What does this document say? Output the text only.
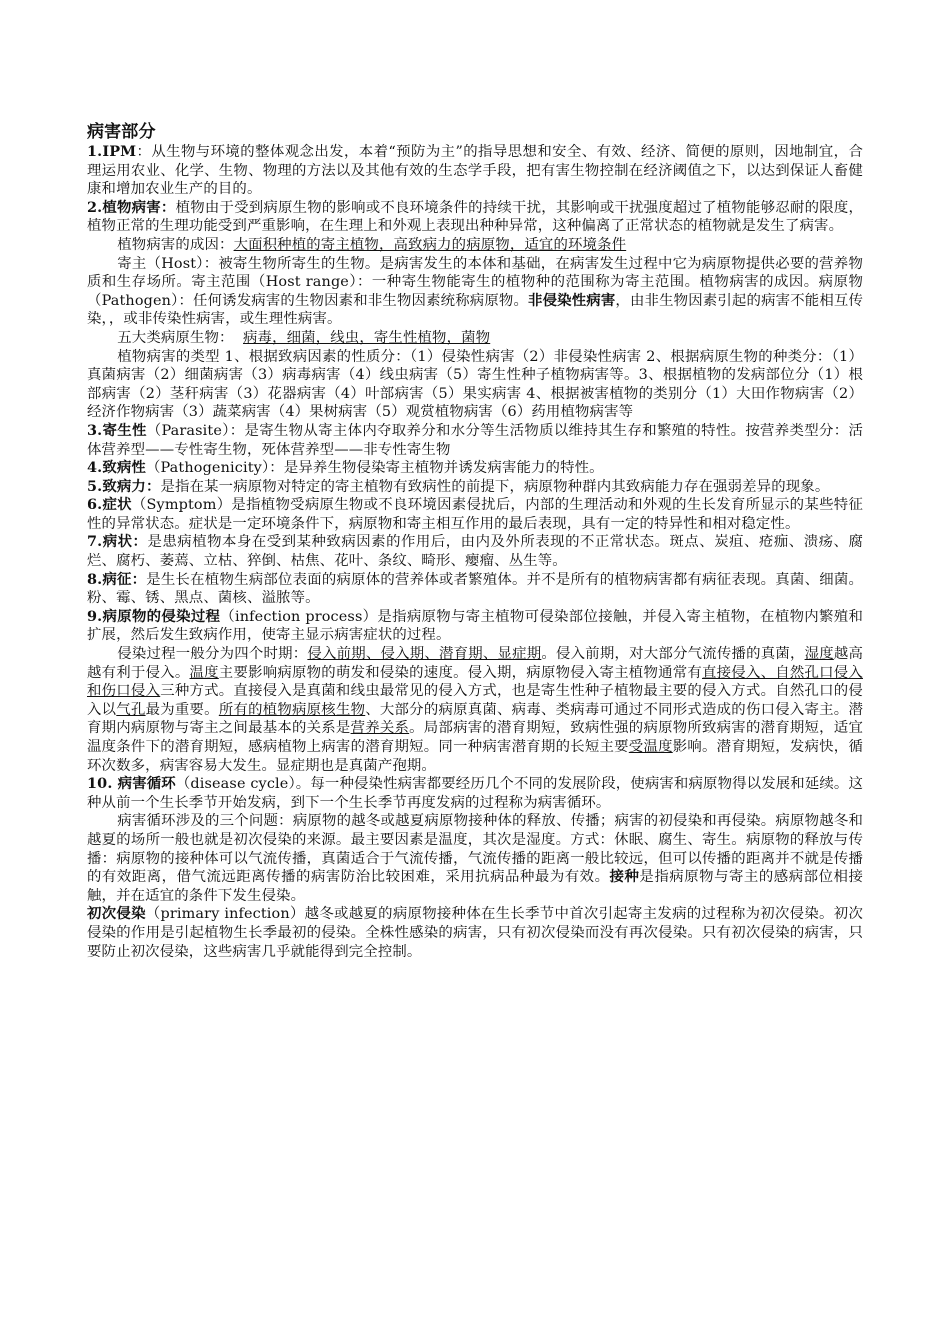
病害部分

1.IPM：从生物与环境的整体观念出发，本着“预防为主”的指导思想和安全、有效、经济、简便的原则，因地制宜，合理运用农业、化学、生物、物理的方法以及其他有效的生态学手段，把有害生物控制在经济阈值之下，以达到保证人畜健康和增加农业生产的目的。

2.植物病害：植物由于受到病原生物的影响或不良环境条件的持续干扰，其影响或干扰强度超过了植物能够忍耐的限度，植物正常的生理功能受到严重影响，在生理上和外观上表现出种种异常，这种偏离了正常状态的植物就是发生了病害。

植物病害的成因：大面积种植的寄主植物，高致病力的病原物，适宜的环境条件

寄主（Host）：被寄生物所寄生的生物。是病害发生的本体和基础，在病害发生过程中它为病原物提供必要的营养物质和生存场所。寄主范围（Host range）：一种寄生物能寄生的植物种的范围称为寄主范围。植物病害的成因。病原物（Pathogen）：任何诱发病害的生物因素和非生物因素统称病原物。非侵染性病害，由非生物因素引起的病害不能相互传染，，或非传染性病害，或生理性病害。

五大类病原生物： 病毒，细菌，线虫，寄生性植物，菌物

植物病害的类型 1、根据致病因素的性质分：（1）侵染性病害（2）非侵染性病害 2、根据病原生物的种类分：（1）真菌病害（2）细菌病害（3）病毒病害（4）线虫病害（5）寄生性种子植物病害等。3、根据植物的发病部位分（1）根部病害（2）茎秆病害（3）花器病害（4）叶部病害（5）果实病害 4、根据被害植物的类别分（1）大田作物病害（2）经济作物病害（3）蔬菜病害（4）果树病害（5）观赏植物病害（6）药用植物病害等

3.寄生性（Parasite）：是寄生物从寄主体内夺取养分和水分等生活物质以维持其生存和繁殖的特性。按营养类型分：活体营养型——专性寄生物，死体营养型——非专性寄生物

4.致病性（Pathogenicity）：是异养生物侵染寄主植物并诱发病害能力的特性。

5.致病力：是指在某一病原物对特定的寄主植物有致病性的前提下，病原物种群内其致病能力存在强弱差异的现象。

6.症状（Symptom）是指植物受病原生物或不良环境因素侵扰后，内部的生理活动和外观的生长发育所显示的某些特征性的异常状态。症状是一定环境条件下，病原物和寄主相互作用的最后表现，具有一定的特异性和相对稳定性。

7.病状：是患病植物本身在受到某种致病因素的作用后，由内及外所表现的不正常状态。斑点、炭疽、疮痂、溃疡、腐烂、腐朽、萎蔫、立枯、猝倒、枯焦、花叶、条纹、畸形、瘿瘤、丛生等。

8.病征：是生长在植物生病部位表面的病原体的营养体或者繁殖体。并不是所有的植物病害都有病征表现。真菌、细菌。粉、霉、锈、黑点、菌核、溢脓等。

9.病原物的侵染过程（infection process）是指病原物与寄主植物可侵染部位接触，并侵入寄主植物，在植物内繁殖和扩展，然后发生致病作用，使寄主显示病害症状的过程。

侵染过程一般分为四个时期：侵入前期、侵入期、潜育期、显症期。侵入前期，对大部分气流传播的真菌，湿度越高越有利于侵入。温度主要影响病原物的萌发和侵染的速度。侵入期，病原物侵入寄主植物通常有直接侵入、自然孔口侵入和伤口侵入三种方式。直接侵入是真菌和线虫最常见的侵入方式，也是寄生性种子植物最主要的侵入方式。自然孔口的侵入以气孔最为重要。所有的植物病原核生物、大部分的病原真菌、病毒、类病毒可通过不同形式造成的伤口侵入寄主。潜育期内病原物与寄主之间最基本的关系是营养关系。局部病害的潜育期短，致病性强的病原物所致病害的潜育期短，适宜温度条件下的潜育期短，感病植物上病害的潜育期短。同一种病害潜育期的长短主要受温度影响。潜育期短，发病快，循环次数多，病害容易大发生。显症期也是真菌产孢期。

10. 病害循环（disease cycle）。每一种侵染性病害都要经历几个不同的发展阶段，使病害和病原物得以发展和延续。这种从前一个生长季节开始发病，到下一个生长季节再度发病的过程称为病害循环。

病害循环涉及的三个问题：病原物的越冬或越夏病原物接种体的释放、传播；病害的初侵染和再侵染。病原物越冬和越夏的场所一般也就是初次侵染的来源。最主要因素是温度，其次是湿度。方式：休眠、腐生、寄生。病原物的释放与传播：病原物的接种体可以气流传播，真菌适合于气流传播，气流传播的距离一般比较远，但可以传播的距离并不就是传播的有效距离，借气流远距离传播的病害防治比较困难，采用抗病品种最为有效。接种是指病原物与寄主的感病部位相接触，并在适宜的条件下发生侵染。

初次侵染（primary infection）越冬或越夏的病原物接种体在生长季节中首次引起寄主发病的过程称为初次侵染。初次侵染的作用是引起植物生长季最初的侵染。全株性感染的病害，只有初次侵染而没有再次侵染。只有初次侵染的病害，只要防止初次侵染，这些病害几乎就能得到完全控制。
